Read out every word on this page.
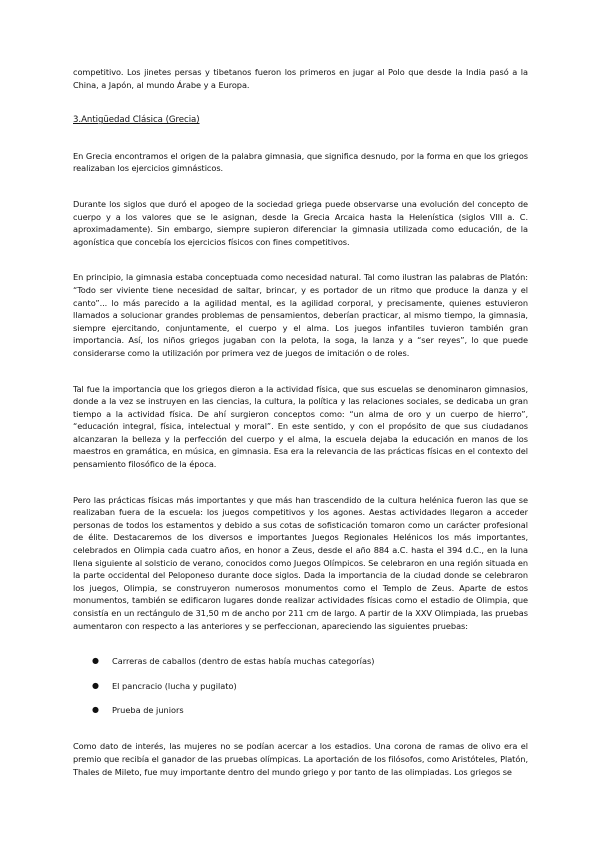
competitivo. Los jinetes persas y tibetanos fueron los primeros en jugar al Polo que desde la India pasó a la China, a Japón, al mundo Árabe y a Europa.

3.Antigüedad Clásica (Grecia)

En Grecia encontramos el origen de la palabra gimnasia, que significa desnudo, por la forma en que los griegos realizaban los ejercicios gimnásticos.

Durante los siglos que duró el apogeo de la sociedad griega puede observarse una evolución del concepto de cuerpo y a los valores que se le asignan, desde la Grecia Arcaica hasta la Helenística (siglos VIII a. C. aproximadamente). Sin embargo, siempre supieron diferenciar la gimnasia utilizada como educación, de la agonística que concebía los ejercicios físicos con fines competitivos.

En principio, la gimnasia estaba conceptuada como necesidad natural. Tal como ilustran las palabras de Platón: “Todo ser viviente tiene necesidad de saltar, brincar, y es portador de un ritmo que produce la danza y el canto”... lo más parecido a la agilidad mental, es la agilidad corporal, y precisamente, quienes estuvieron llamados a solucionar grandes problemas de pensamientos, deberían practicar, al mismo tiempo, la gimnasia, siempre ejercitando, conjuntamente, el cuerpo y el alma. Los juegos infantiles tuvieron también gran importancia. Así, los niños griegos jugaban con la pelota, la soga, la lanza y a “ser reyes”, lo que puede considerarse como la utilización por primera vez de juegos de imitación o de roles.

Tal fue la importancia que los griegos dieron a la actividad física, que sus escuelas se denominaron gimnasios, donde a la vez se instruyen en las ciencias, la cultura, la política y las relaciones sociales, se dedicaba un gran tiempo a la actividad física. De ahí surgieron conceptos como: “un alma de oro y un cuerpo de hierro”, “educación integral, física, intelectual y moral”. En este sentido, y con el propósito de que sus ciudadanos alcanzaran la belleza y la perfección del cuerpo y el alma, la escuela dejaba la educación en manos de los maestros en gramática, en música, en gimnasia. Esa era la relevancia de las prácticas físicas en el contexto del pensamiento filosófico de la época.

Pero las prácticas físicas más importantes y que más han trascendido de la cultura helénica fueron las que se realizaban fuera de la escuela: los juegos competitivos y los agones. Aestas actividades llegaron a acceder personas de todos los estamentos y debido a sus cotas de sofisticación tomaron como un carácter profesional de élite. Destacaremos de los diversos e importantes Juegos Regionales Helénicos los más importantes, celebrados en Olimpia cada cuatro años, en honor a Zeus, desde el año 884 a.C. hasta el 394 d.C., en la luna llena siguiente al solsticio de verano, conocidos como Juegos Olímpicos. Se celebraron en una región situada en la parte occidental del Peloponeso durante doce siglos. Dada la importancia de la ciudad donde se celebraron los juegos, Olimpia, se construyeron numerosos monumentos como el Templo de Zeus. Aparte de estos monumentos, también se edificaron lugares donde realizar actividades físicas como el estadio de Olimpia, que consistía en un rectángulo de 31,50 m de ancho por 211 cm de largo. A partir de la XXV Olimpiada, las pruebas aumentaron con respecto a las anteriores y se perfeccionan, apareciendo las siguientes pruebas:

● Carreras de caballos (dentro de estas había muchas categorías)
● El pancracio (lucha y pugilato)
● Prueba de juniors

Como dato de interés, las mujeres no se podían acercar a los estadios. Una corona de ramas de olivo era el premio que recibía el ganador de las pruebas olímpicas. La aportación de los filósofos, como Aristóteles, Platón, Thales de Mileto, fue muy importante dentro del mundo griego y por tanto de las olimpiadas. Los griegos se
